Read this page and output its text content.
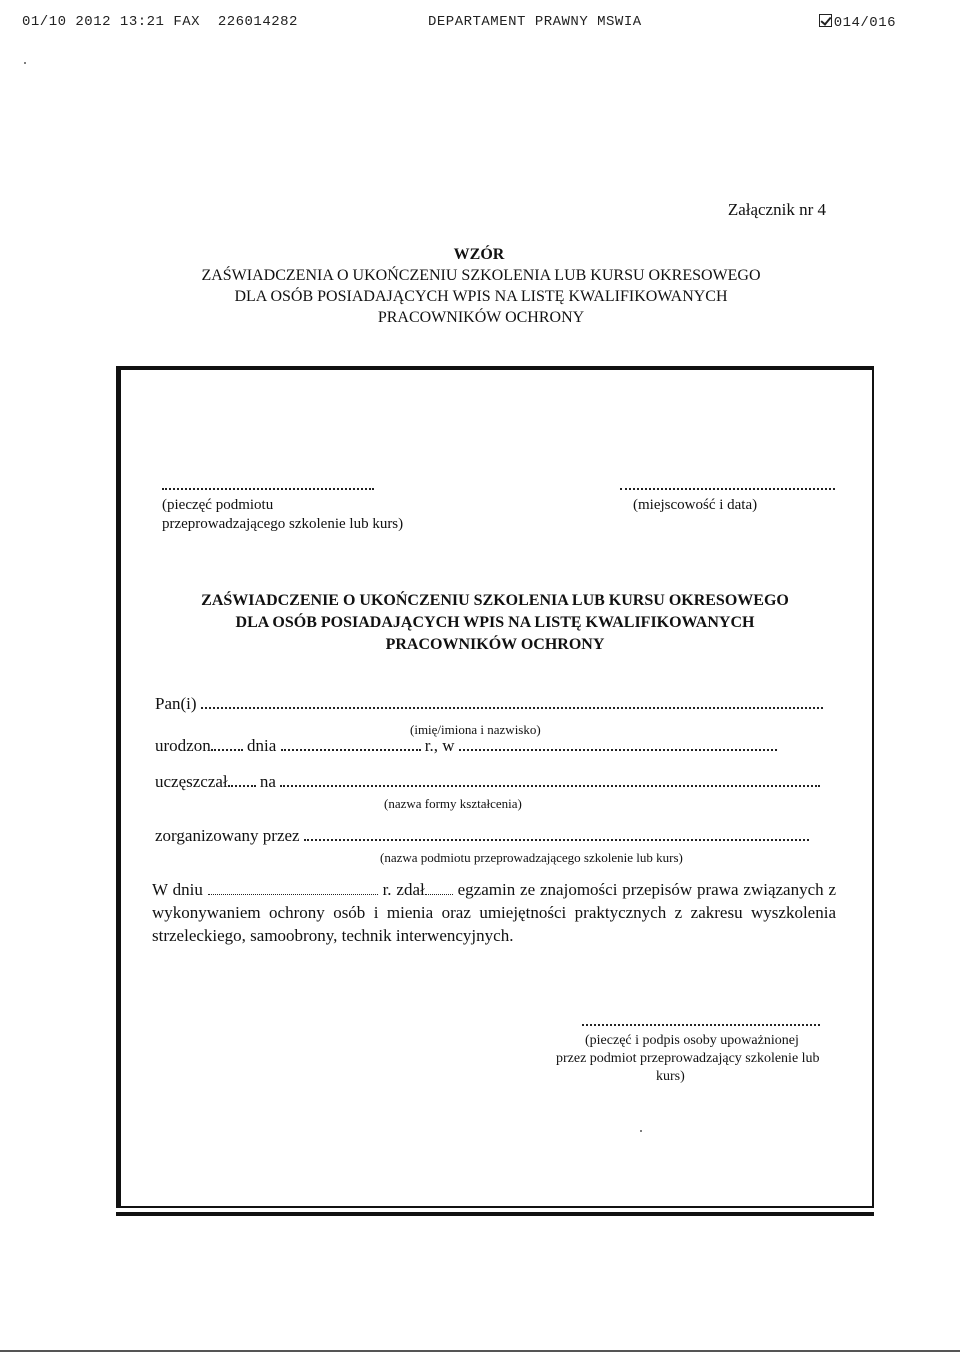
01/10 2012 13:21 FAX  226014282	DEPARTAMENT PRAWNY MSWIA	014/016
Załącznik nr 4
WZÓR
ZAŚWIADCZENIA O UKOŃCZENIU SZKOLENIA LUB KURSU OKRESOWEGO
DLA OSÓB POSIADAJĄCYCH WPIS NA LISTĘ KWALIFIKOWANYCH
PRACOWNIKÓW OCHRONY
(pieczęć podmiotu
przeprowadzającego szkolenie lub kurs)
(miejscowość i data)
ZAŚWIADCZENIE O UKOŃCZENIU SZKOLENIA LUB KURSU OKRESOWEGO
DLA OSÓB POSIADAJĄCYCH WPIS NA LISTĘ KWALIFIKOWANYCH
PRACOWNIKÓW OCHRONY
Pan(i)
(imię/imiona i nazwisko)
urodzon dnia	r., w
uczęszczał na
(nazwa formy kształcenia)
zorganizowany przez
(nazwa podmiotu przeprowadzającego szkolenie lub kurs)
W dniu	r. zdał egzamin ze znajomości przepisów prawa związanych z wykonywaniem ochrony osób i mienia oraz umiejętności praktycznych z zakresu wyszkolenia strzeleckiego, samoobrony, technik interwencyjnych.
(pieczęć i podpis osoby upoważnionej
przez podmiot przeprowadzający szkolenie lub
kurs)
